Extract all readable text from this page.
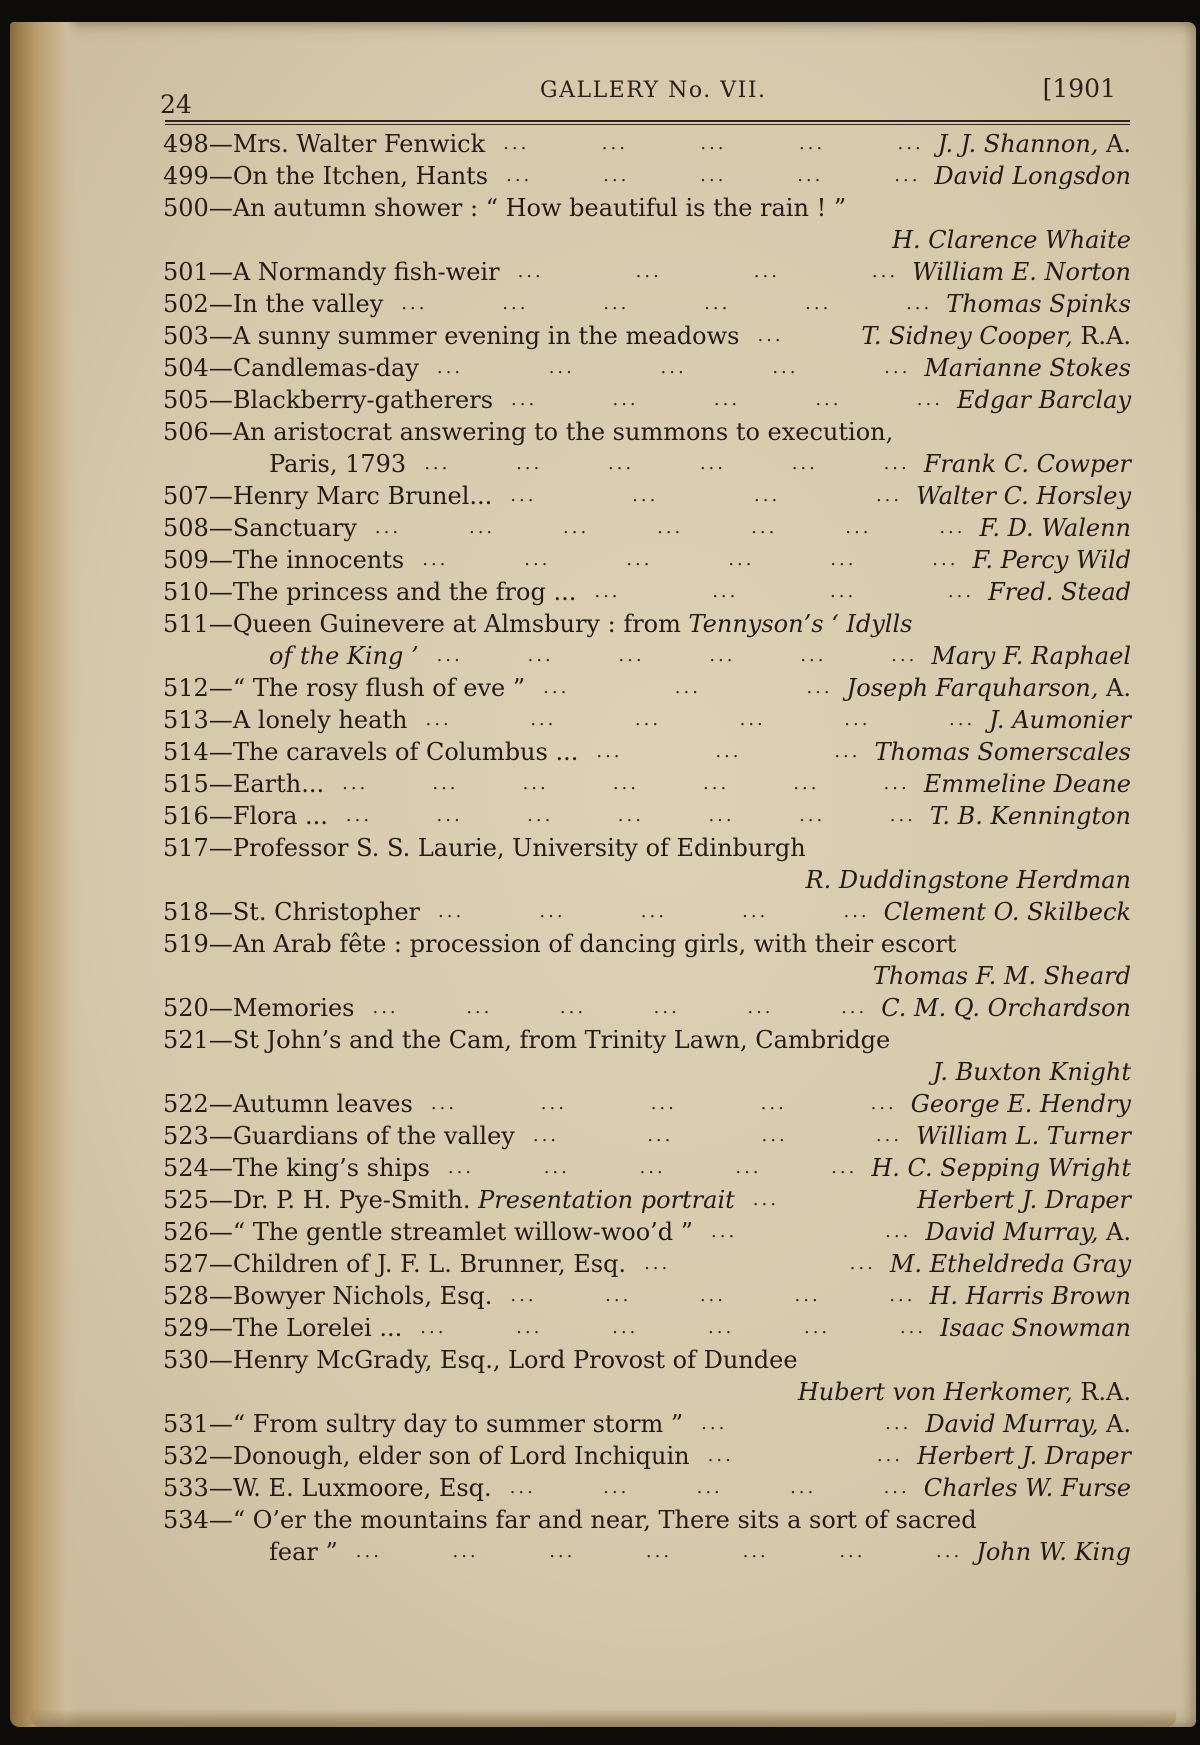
24	GALLERY No. VII.	[1901
498—Mrs. Walter Fenwick	J. J. Shannon, A.
... ... ... ... ...
499—On the Itchen, Hants	David Longsdon
... ... ... ... ...
500—An autumn shower : “ How beautiful is the rain ! ”
H. Clarence Whaite
501—A Normandy fish-weir	William E. Norton
... ... ... ...
502—In the valley	Thomas Spinks
... ... ... ... ... ...
503—A sunny summer evening in the meadows	T. Sidney Cooper, R.A.
...
504—Candlemas-day	Marianne Stokes
... ... ... ... ...
505—Blackberry-gatherers	Edgar Barclay
... ... ... ... ...
506—An aristocrat answering to the summons to execution,
Paris, 1793	Frank C. Cowper
... ... ... ... ... ...
507—Henry Marc Brunel...	Walter C. Horsley
... ... ... ...
508—Sanctuary	F. D. Walenn
... ... ... ... ... ... ...
509—The innocents	F. Percy Wild
... ... ... ... ... ...
510—The princess and the frog ...	Fred. Stead
... ... ... ...
511—Queen Guinevere at Almsbury : from Tennyson’s ‘ Idylls
of the King ’	Mary F. Raphael
... ... ... ... ... ...
512—“ The rosy flush of eve ”	Joseph Farquharson, A.
... ... ...
513—A lonely heath	J. Aumonier
... ... ... ... ... ...
514—The caravels of Columbus ...	Thomas Somerscales
... ... ...
515—Earth...	Emmeline Deane
... ... ... ... ... ... ...
516—Flora ...	T. B. Kennington
... ... ... ... ... ... ...
517—Professor S. S. Laurie, University of Edinburgh
R. Duddingstone Herdman
518—St. Christopher	Clement O. Skilbeck
... ... ... ... ...
519—An Arab fête : procession of dancing girls, with their escort
Thomas F. M. Sheard
520—Memories	C. M. Q. Orchardson
... ... ... ... ... ...
521—St John’s and the Cam, from Trinity Lawn, Cambridge
J. Buxton Knight
522—Autumn leaves	George E. Hendry
... ... ... ... ...
523—Guardians of the valley	William L. Turner
... ... ... ...
524—The king’s ships	H. C. Sepping Wright
... ... ... ... ...
525—Dr. P. H. Pye-Smith. Presentation portrait	Herbert J. Draper
...
526—“ The gentle streamlet willow-woo’d ”	David Murray, A.
... ...
527—Children of J. F. L. Brunner, Esq.	M. Etheldreda Gray
... ...
528—Bowyer Nichols, Esq.	H. Harris Brown
... ... ... ... ...
529—The Lorelei ...	Isaac Snowman
... ... ... ... ... ...
530—Henry McGrady, Esq., Lord Provost of Dundee
Hubert von Herkomer, R.A.
531—“ From sultry day to summer storm ”	David Murray, A.
... ...
532—Donough, elder son of Lord Inchiquin	Herbert J. Draper
... ...
533—W. E. Luxmoore, Esq.	Charles W. Furse
... ... ... ... ...
534—“ O’er the mountains far and near, There sits a sort of sacred
fear ”	John W. King
... ... ... ... ... ... ...
